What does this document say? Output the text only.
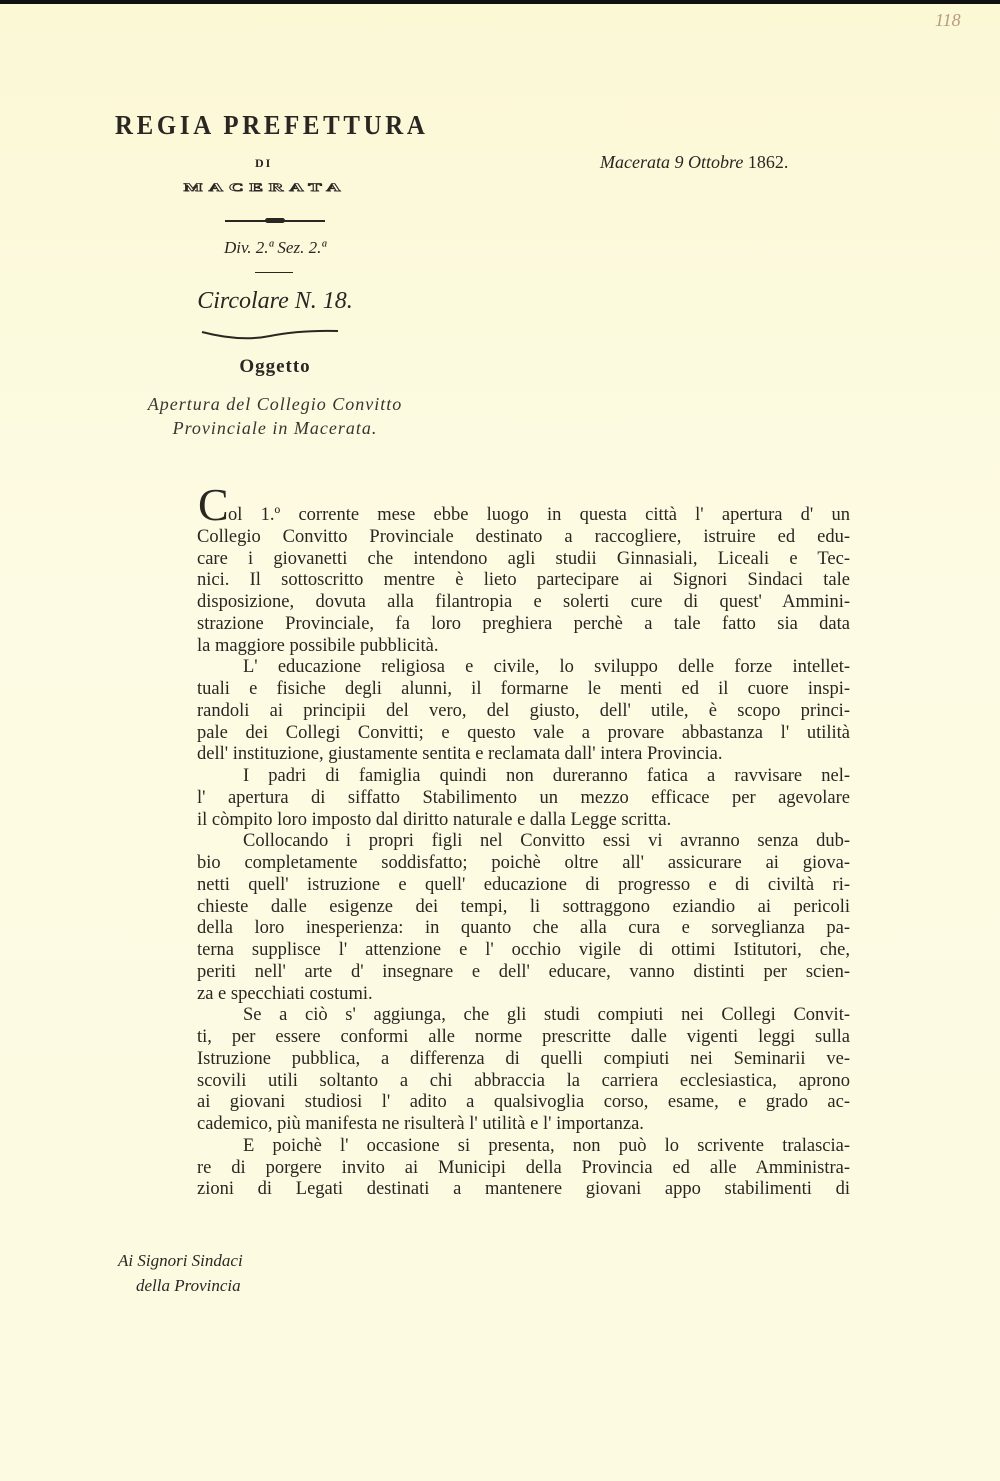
118
REGIA PREFETTURA
DI
MACERATA
Div. 2.ª Sez. 2.ª
Circolare N. 18.
Oggetto
Apertura del Collegio Convitto
Provinciale in Macerata.
Macerata 9 Ottobre 1862.
C ol 1.º corrente mese ebbe luogo in questa città l' apertura d' un
Collegio Convitto Provinciale destinato a raccogliere, istruire ed edu-
care i giovanetti che intendono agli studii Ginnasiali, Liceali e Tec-
nici. Il sottoscritto mentre è lieto partecipare ai Signori Sindaci tale
disposizione, dovuta alla filantropia e solerti cure di quest' Ammini-
strazione Provinciale, fa loro preghiera perchè a tale fatto sia data
la maggiore possibile pubblicità.
L' educazione religiosa e civile, lo sviluppo delle forze intellet-
tuali e fisiche degli alunni, il formarne le menti ed il cuore inspi-
randoli ai principii del vero, del giusto, dell' utile, è scopo princi-
pale dei Collegi Convitti; e questo vale a provare abbastanza l' utilità
dell' instituzione, giustamente sentita e reclamata dall' intera Provincia.
I padri di famiglia quindi non dureranno fatica a ravvisare nel-
l' apertura di siffatto Stabilimento un mezzo efficace per agevolare
il còmpito loro imposto dal diritto naturale e dalla Legge scritta.
Collocando i propri figli nel Convitto essi vi avranno senza dub-
bio completamente soddisfatto; poichè oltre all' assicurare ai giova-
netti quell' istruzione e quell' educazione di progresso e di civiltà ri-
chieste dalle esigenze dei tempi, li sottraggono eziandio ai pericoli
della loro inesperienza: in quanto che alla cura e sorveglianza pa-
terna supplisce l' attenzione e l' occhio vigile di ottimi Istitutori, che,
periti nell' arte d' insegnare e dell' educare, vanno distinti per scien-
za e specchiati costumi.
Se a ciò s' aggiunga, che gli studi compiuti nei Collegi Convit-
ti, per essere conformi alle norme prescritte dalle vigenti leggi sulla
Istruzione pubblica, a differenza di quelli compiuti nei Seminarii ve-
scovili utili soltanto a chi abbraccia la carriera ecclesiastica, aprono
ai giovani studiosi l' adito a qualsivoglia corso, esame, e grado ac-
cademico, più manifesta ne risulterà l' utilità e l' importanza.
E poichè l' occasione si presenta, non può lo scrivente tralascia-
re di porgere invito ai Municipi della Provincia ed alle Amministra-
zioni di Legati destinati a mantenere giovani appo stabilimenti di
Ai Signori Sindaci
della Provincia
